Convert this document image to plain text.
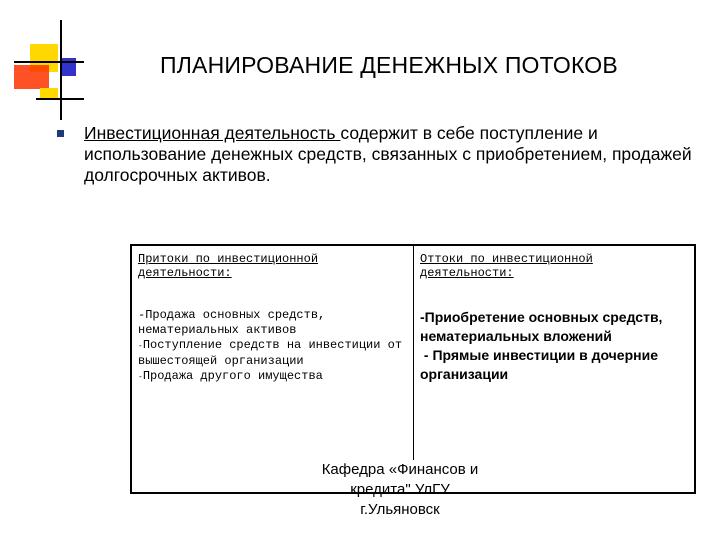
ПЛАНИРОВАНИЕ ДЕНЕЖНЫХ ПОТОКОВ
Инвестиционная деятельность содержит в себе поступление и использование денежных средств, связанных с приобретением, продажей долгосрочных активов.
Притоки по инвестиционной деятельности:
Оттоки по инвестиционной деятельности:
-Продажа основных средств, нематериальных активов
-Поступление средств на инвестиции от вышестоящей организации
-Продажа другого имущества
-Приобретение основных средств, нематериальных вложений
- Прямые инвестиции в дочерние организации
Кафедра «Финансов и
кредита" УлГУ
г.Ульяновск
